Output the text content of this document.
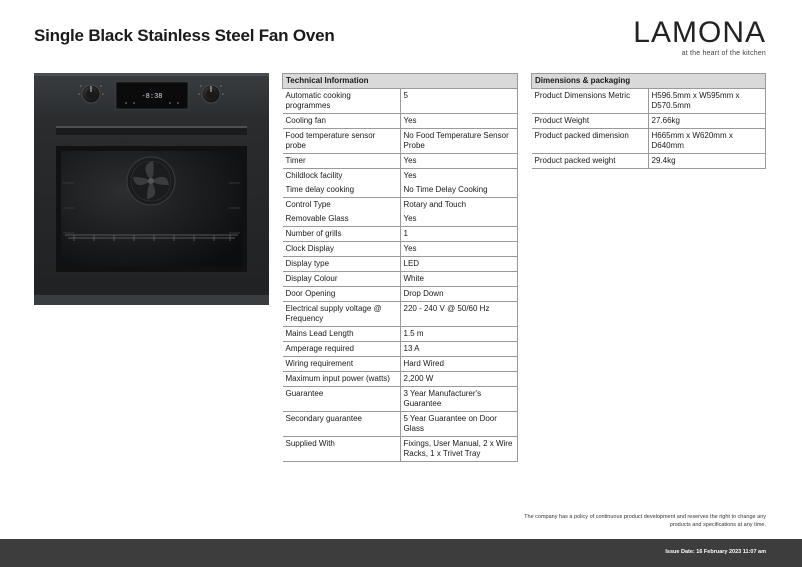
Single Black Stainless Steel Fan Oven	LAMONA
at the heart of the kitchen
-8:38
Technical Information	
Automatic cooking programmes	5
Cooling fan	Yes
Food temperature sensor probe	No Food Temperature Sensor Probe
Timer	Yes
Childlock facility	Yes
Time delay cooking	No Time Delay Cooking
Control Type	Rotary and Touch
Removable Glass	Yes
Number of grills	1
Clock Display	Yes
Display type	LED
Display Colour	White
Door Opening	Drop Down
Electrical supply voltage @ Frequency	220 - 240 V @ 50/60 Hz
Mains Lead Length	1.5 m
Amperage required	13 A
Wiring requirement	Hard Wired
Maximum input power (watts)	2,200 W
Guarantee	3 Year Manufacturer's Guarantee
Secondary guarantee	5 Year Guarantee on Door Glass
Supplied With	Fixings, User Manual, 2 x Wire Racks, 1 x Trivet Tray
Dimensions & packaging	
Product Dimensions Metric	H596.5mm x W595mm x D570.5mm
Product Weight	27.66kg
Product packed dimension	H665mm x W620mm x D640mm
Product packed weight	29.4kg
The company has a policy of continuous product development and reserves the right to change any products and specifications at any time.
Issue Date: 16 February 2023 11:07 am
